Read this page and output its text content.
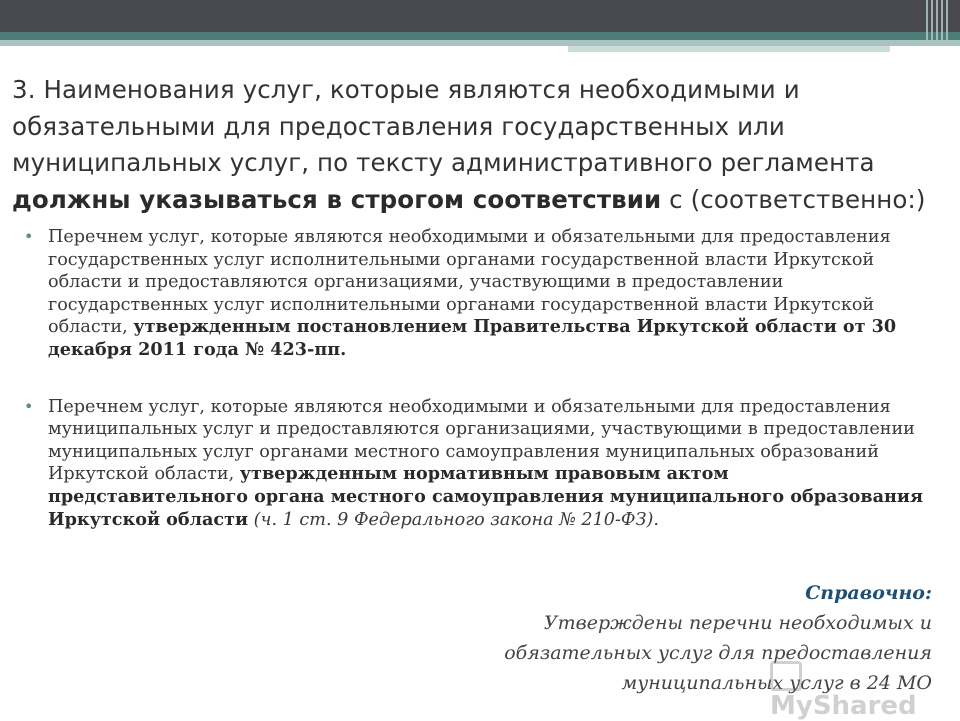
3. Наименования услуг, которые являются необходимыми и обязательными для предоставления государственных или муниципальных услуг, по тексту административного регламента должны указываться в строгом соответствии с (соответственно:)

• Перечнем услуг, которые являются необходимыми и обязательными для предоставления государственных услуг исполнительными органами государственной власти Иркутской области и предоставляются организациями, участвующими в предоставлении государственных услуг исполнительными органами государственной власти Иркутской области, утвержденным постановлением Правительства Иркутской области от 30 декабря 2011 года № 423-пп.
• Перечнем услуг, которые являются необходимыми и обязательными для предоставления муниципальных услуг и предоставляются организациями, участвующими в предоставлении муниципальных услуг органами местного самоуправления муниципальных образований Иркутской области, утвержденным нормативным правовым актом представительного органа местного самоуправления муниципального образования Иркутской области (ч. 1 ст. 9 Федерального закона № 210-ФЗ).
Справочно:
Утверждены перечни необходимых и
обязательных услуг для предоставления
муниципальных услуг в 24 МО
MyShared
